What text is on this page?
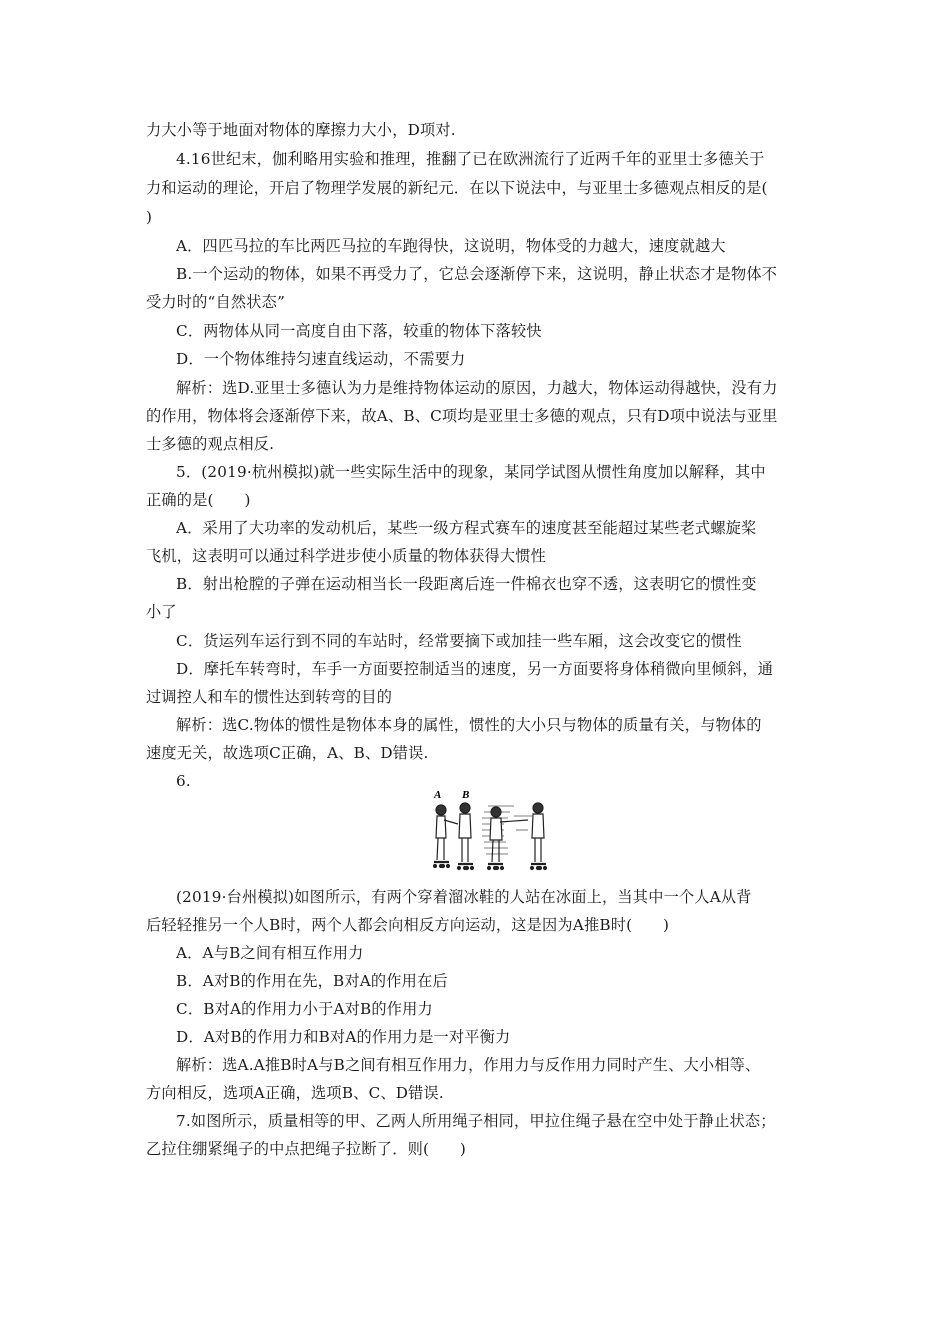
力大小等于地面对物体的摩擦力大小，D项对.
4.16世纪末，伽利略用实验和推理，推翻了已在欧洲流行了近两千年的亚里士多德关于
力和运动的理论，开启了物理学发展的新纪元．在以下说法中，与亚里士多德观点相反的是(
)
A．四匹马拉的车比两匹马拉的车跑得快，这说明，物体受的力越大，速度就越大
B.一个运动的物体，如果不再受力了，它总会逐渐停下来，这说明，静止状态才是物体不
受力时的“自然状态”
C．两物体从同一高度自由下落，较重的物体下落较快
D．一个物体维持匀速直线运动，不需要力
解析：选D.亚里士多德认为力是维持物体运动的原因，力越大，物体运动得越快，没有力
的作用，物体将会逐渐停下来，故A、B、C项均是亚里士多德的观点，只有D项中说法与亚里
士多德的观点相反.
5．(2019·杭州模拟)就一些实际生活中的现象，某同学试图从惯性角度加以解释，其中
正确的是(　　)
A．采用了大功率的发动机后，某些一级方程式赛车的速度甚至能超过某些老式螺旋桨
飞机，这表明可以通过科学进步使小质量的物体获得大惯性
B．射出枪膛的子弹在运动相当长一段距离后连一件棉衣也穿不透，这表明它的惯性变
小了
C．货运列车运行到不同的车站时，经常要摘下或加挂一些车厢，这会改变它的惯性
D．摩托车转弯时，车手一方面要控制适当的速度，另一方面要将身体稍微向里倾斜，通
过调控人和车的惯性达到转弯的目的
解析：选C.物体的惯性是物体本身的属性，惯性的大小只与物体的质量有关，与物体的
速度无关，故选项C正确，A、B、D错误.
6.
A B
(2019·台州模拟)如图所示，有两个穿着溜冰鞋的人站在冰面上，当其中一个人A从背
后轻轻推另一个人B时，两个人都会向相反方向运动，这是因为A推B时(　　)
A．A与B之间有相互作用力
B．A对B的作用在先，B对A的作用在后
C．B对A的作用力小于A对B的作用力
D．A对B的作用力和B对A的作用力是一对平衡力
解析：选A.A推B时A与B之间有相互作用力，作用力与反作用力同时产生、大小相等、
方向相反，选项A正确，选项B、C、D错误.
7.如图所示，质量相等的甲、乙两人所用绳子相同，甲拉住绳子悬在空中处于静止状态；
乙拉住绷紧绳子的中点把绳子拉断了．则(　　)
